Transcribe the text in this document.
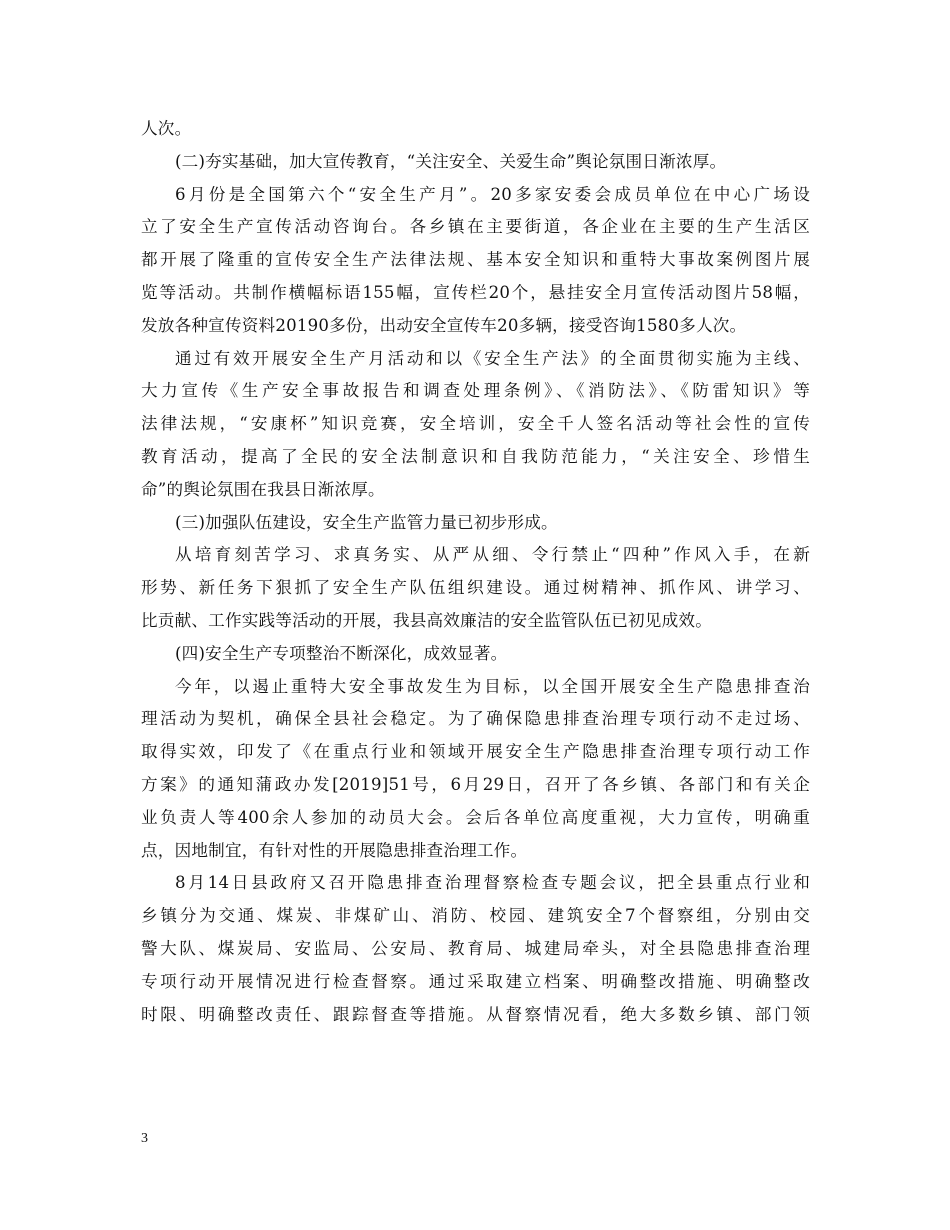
人次。
(二)夯实基础，加大宣传教育，“关注安全、关爱生命”舆论氛围日渐浓厚。
6月份是全国第六个“安全生产月”。20多家安委会成员单位在中心广场设
立了安全生产宣传活动咨询台。各乡镇在主要街道，各企业在主要的生产生活区
都开展了隆重的宣传安全生产法律法规、基本安全知识和重特大事故案例图片展
览等活动。共制作横幅标语155幅，宣传栏20个，悬挂安全月宣传活动图片58幅，
发放各种宣传资料20190多份，出动安全宣传车20多辆，接受咨询1580多人次。
通过有效开展安全生产月活动和以《安全生产法》的全面贯彻实施为主线、
大力宣传《生产安全事故报告和调查处理条例》、《消防法》、《防雷知识》等
法律法规，“安康杯”知识竞赛，安全培训，安全千人签名活动等社会性的宣传
教育活动，提高了全民的安全法制意识和自我防范能力，“关注安全、珍惜生
命”的舆论氛围在我县日渐浓厚。
(三)加强队伍建设，安全生产监管力量已初步形成。
从培育刻苦学习、求真务实、从严从细、令行禁止“四种”作风入手，在新
形势、新任务下狠抓了安全生产队伍组织建设。通过树精神、抓作风、讲学习、
比贡献、工作实践等活动的开展，我县高效廉洁的安全监管队伍已初见成效。
(四)安全生产专项整治不断深化，成效显著。
今年，以遏止重特大安全事故发生为目标，以全国开展安全生产隐患排查治
理活动为契机，确保全县社会稳定。为了确保隐患排查治理专项行动不走过场、
取得实效，印发了《在重点行业和领域开展安全生产隐患排查治理专项行动工作
方案》的通知蒲政办发[2019]51号，6月29日，召开了各乡镇、各部门和有关企
业负责人等400余人参加的动员大会。会后各单位高度重视，大力宣传，明确重
点，因地制宜，有针对性的开展隐患排查治理工作。
8月14日县政府又召开隐患排查治理督察检查专题会议，把全县重点行业和
乡镇分为交通、煤炭、非煤矿山、消防、校园、建筑安全7个督察组，分别由交
警大队、煤炭局、安监局、公安局、教育局、城建局牵头，对全县隐患排查治理
专项行动开展情况进行检查督察。通过采取建立档案、明确整改措施、明确整改
时限、明确整改责任、跟踪督查等措施。从督察情况看，绝大多数乡镇、部门领
3
